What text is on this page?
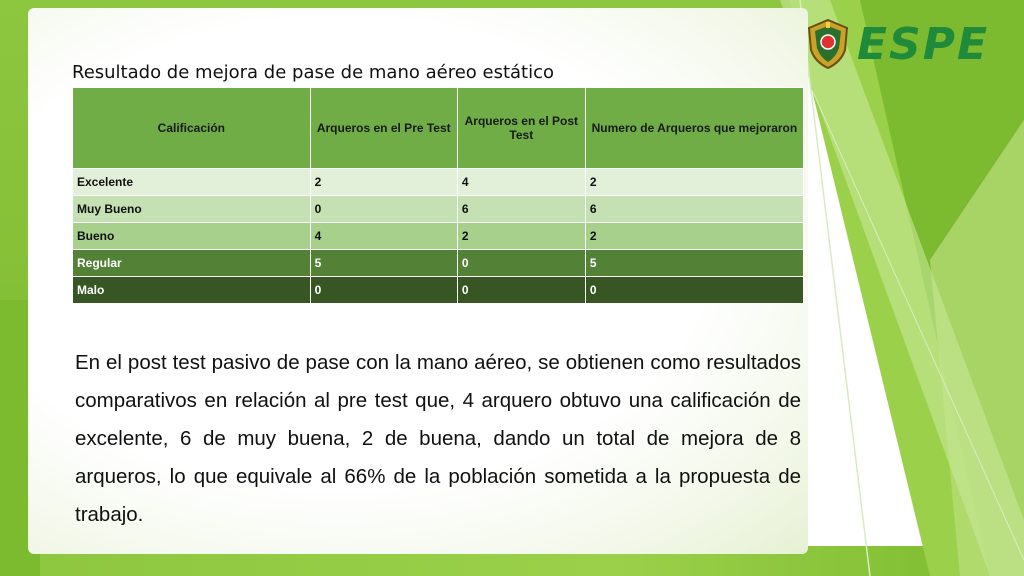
ESPE
Resultado de mejora de pase de mano aéreo estático
Calificación	Arqueros en el Pre Test	Arqueros en el Post Test	Numero de Arqueros que mejoraron
Excelente	2	4	2
Muy Bueno	0	6	6
Bueno	4	2	2
Regular	5	0	5
Malo	0	0	0
En el post test pasivo de pase con la mano aéreo, se obtienen como resultados comparativos en relación al pre test que, 4 arquero obtuvo una calificación de excelente, 6 de muy buena, 2 de buena, dando un total de mejora de 8 arqueros, lo que equivale al 66% de la población sometida a la propuesta de trabajo.
